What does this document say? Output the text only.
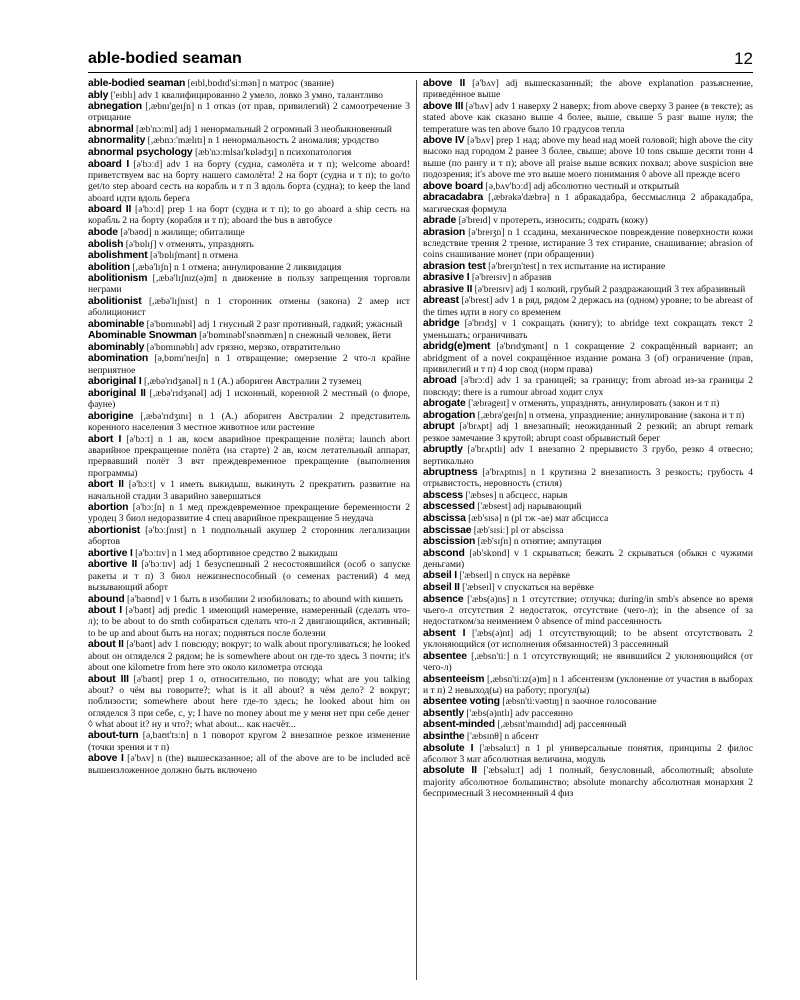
able-bodied seaman	12
able-bodied seaman [eɪbl,bɒdɪd'siːmən] n матрос (звание)
ably ['eɪblɪ] adv 1 квалифицированно 2 умело, ловко 3 умно, талантливо
abnegation [,æbnɪ'geɪʃn] n 1 отказ (от прав, привилегий) 2 самоотречение 3 отрицание
abnormal [æb'nɔːml] adj 1 ненормальный 2 огромный 3 необыкновенный
abnormality [,æbnɔː'mælɪtɪ] n 1 ненормальность 2 аномалия; уродство
abnormal psychology [æb'nɔːmlsaɪ'kɒlədʒɪ] n психопатология
aboard I [ə'bɔːd] adv 1 на борту (судна, самолёта и т п); welcome aboard! приветствуем вас на борту нашего самолёта! 2 на борт (судна и т п); to go/to get/to step aboard сесть на корабль и т п 3 вдоль борта (судна); to keep the land aboard идти вдоль берега
aboard II [ə'bɔːd] prep 1 на борт (судна и т п); to go aboard a ship сесть на корабль 2 на борту (корабля и т п); aboard the bus в автобусе
abode [ə'bəʊd] n жилище; обиталище
abolish [ə'bɒlɪʃ] v отменять, упразднять
abolishment [ə'bɒlɪʃmənt] n отмена
abolition [,æbə'lɪʃn] n 1 отмена; аннулирование 2 ликвидация
abolitionism [,æbə'lɪʃnɪz(ə)m] n движение в пользу запрещения торговли неграми
abolitionist [,æbə'lɪʃnɪst] n 1 сторонник отмены (закона) 2 амер ист аболиционист
abominable [ə'bɒmɪnəbl] adj 1 гнусный 2 разг противный, гадкий; ужасный
Abominable Snowman [ə'bɒmɪnəbl'snəʊmæn] n снежный человек, йети
abominably [ə'bɒmɪnəblɪ] adv грязно, мерзко, отвратительно
abomination [ə,bɒmɪ'neɪʃn] n 1 отвращение; омерзение 2 что-л крайне неприятное
aboriginal I [,æbə'rɪdʒənəl] n 1 (A.) абориген Австралии 2 туземец
aboriginal II [,æbə'rɪdʒənəl] adj 1 исконный, коренной 2 местный (о флоре, фауне)
aborigine [,æbə'rɪdʒɪnɪ] n 1 (A.) абориген Австралии 2 представитель коренного населения 3 местное животное или растение
abort I [ə'bɔːt] n 1 ав, косм аварийное прекращение полёта; launch abort аварийное прекращение полёта (на старте) 2 ав, косм летательный аппарат, прервавший полёт 3 вчт преждевременное прекращение (выполнения программы)
abort II [ə'bɔːt] v 1 иметь выкидыш, выкинуть 2 прекратить развитие на начальной стадии 3 аварийно завершаться
abortion [ə'bɔːʃn] n 1 мед преждевременное прекращение беременности 2 уродец 3 биол недоразвитие 4 спец аварийное прекращение 5 неудача
abortionist [ə'bɔːʃnɪst] n 1 подпольный акушер 2 сторонник легализации абортов
abortive I [ə'bɔːtɪv] n 1 мед абортивное средство 2 выкидыш
abortive II [ə'bɔːtɪv] adj 1 безуспешный 2 несостоявшийся (особ о запуске ракеты и т п) 3 биол нежизнеспособный (о семенах растений) 4 мед вызывающий аборт
abound [ə'baʊnd] v 1 быть в изобилии 2 изобиловать; to abound with кишеть
about I [ə'baʊt] adj predic 1 имеющий намерение, намеренный (сделать что-л); to be about to do smth собираться сделать что-л 2 двигающийся, активный; to be up and about быть на ногах; подняться после болезни
about II [ə'baʊt] adv 1 повсюду; вокруг; to walk about прогуливаться; he looked about он огляделся 2 рядом; he is somewhere about он где-то здесь 3 почти; it's about one kilometre from here это около километра отсюда
about III [ə'baʊt] prep 1 о, относительно, по поводу; what are you talking about? о чём вы говорите?; what is it all about? в чём дело? 2 вокруг; поблизости; somewhere about here где-то здесь; he looked about him он огляделся 3 при себе, с, у; I have no money about me у меня нет при себе денег ◊ what about it? ну и что?; what about... как насчёт...
about-turn [ə,baʊt'tɜːn] n 1 поворот кругом 2 внезапное резкое изменение (точки зрения и т п)
above I [ə'bʌv] n (the) вышесказанное; all of the above are to be included всё вышеизложенное должно быть включено
above II [ə'bʌv] adj вышесказанный; the above explanation разъяснение, приведённое выше
above III [ə'bʌv] adv 1 наверху 2 наверх; from above сверху 3 ранее (в тексте); as stated above как сказано выше 4 более, выше, свыше 5 разг выше нуля; the temperature was ten above было 10 градусов тепла
above IV [ə'bʌv] prep 1 над; above my head над моей головой; high above the city высоко над городом 2 ранее 3 более, свыше; above 10 tons свыше десяти тонн 4 выше (по рангу и т п); above all praise выше всяких похвал; above suspicion вне подозрения; it's above me это выше моего понимания ◊ above all прежде всего
above board [ə,bʌv'bɔːd] adj абсолютно честный и открытый
abracadabra [,æbrəkə'dæbrə] n 1 абракадабра, бессмыслица 2 абракадабра, магическая формула
abrade [ə'breɪd] v протереть, износить; содрать (кожу)
abrasion [ə'breɪʒn] n 1 ссадина, механическое повреждение поверхности кожи вследствие трения 2 трение, истирание 3 тех стирание, снашивание; abrasion of coins снашивание монет (при обращении)
abrasion test [ə'breɪʒn'test] n тех испытание на истирание
abrasive I [ə'breɪsɪv] n абразив
abrasive II [ə'breɪsɪv] adj 1 колкий, грубый 2 раздражающий 3 тех абразивный
abreast [ə'brest] adv 1 в ряд, рядом 2 держась на (одном) уровне; to be abreast of the times идти в ногу со временем
abridge [ə'brɪdʒ] v 1 сокращать (книгу); to abridge text сокращать текст 2 уменьшать; ограничивать
abridg(e)ment [ə'brɪdʒmənt] n 1 сокращение 2 сокращённый вариант; an abridgment of a novel сокращённое издание романа 3 (of) ограничение (прав, привилегий и т п) 4 юр свод (норм права)
abroad [ə'brɔːd] adv 1 за границей; за границу; from abroad из-за границы 2 повсюду; there is a rumour abroad ходит слух
abrogate ['æbrəgeɪt] v отменять, упразднять, аннулировать (закон и т п)
abrogation [,æbrə'geɪʃn] n отмена, упразднение; аннулирование (закона и т п)
abrupt [ə'brʌpt] adj 1 внезапный; неожиданный 2 резкий; an abrupt remark резкое замечание 3 крутой; abrupt coast обрывистый берег
abruptly [ə'brʌptlɪ] adv 1 внезапно 2 прерывисто 3 грубо, резко 4 отвесно; вертикально
abruptness [ə'brʌptnɪs] n 1 крутизна 2 внезапность 3 резкость; грубость 4 отрывистость, неровность (стиля)
abscess ['æbses] n абсцесс, нарыв
abscessed ['æbsest] adj нарывающий
abscissa [æb'sɪsə] n (pl тж -ae) мат абсцисса
abscissae [æb'sɪsiː] pl от abscissa
abscission [æb'sɪʃn] n отнятие; ампутация
abscond [əb'skɒnd] v 1 скрываться; бежать 2 скрываться (обыкн с чужими деньгами)
abseil I ['æbseɪl] n спуск на верёвке
abseil II ['æbseɪl] v спускаться на верёвке
absence ['æbs(ə)ns] n 1 отсутствие; отлучка; during/in smb's absence во время чьего-л отсутствия 2 недостаток, отсутствие (чего-л); in the absence of за недостатком/за неимением ◊ absence of mind рассеянность
absent I ['æbs(ə)nt] adj 1 отсутствующий; to be absent отсутствовать 2 уклоняющийся (от исполнения обязанностей) 3 рассеянный
absentee [,æbsn'tiː] n 1 отсутствующий; не явившийся 2 уклоняющийся (от чего-л)
absenteeism [,æbsn'tiːɪz(ə)m] n 1 абсентеизм (уклонение от участия в выборах и т п) 2 невыход(ы) на работу; прогул(ы)
absentee voting [æbsn'tiːvəʊtɪŋ] n заочное голосование
absently ['æbs(ə)ntlɪ] adv рассеянно
absent-minded [,æbsnt'maɪndɪd] adj рассеянный
absinthe ['æbsɪnθ] n абсент
absolute I ['æbsəluːt] n 1 pl универсальные понятия, принципы 2 филос абсолют 3 мат абсолютная величина, модуль
absolute II ['æbsəluːt] adj 1 полный, безусловный, абсолютный; absolute majority абсолютное большинство; absolute monarchy абсолютная монархия 2 беспримесный 3 несомненный 4 физ
